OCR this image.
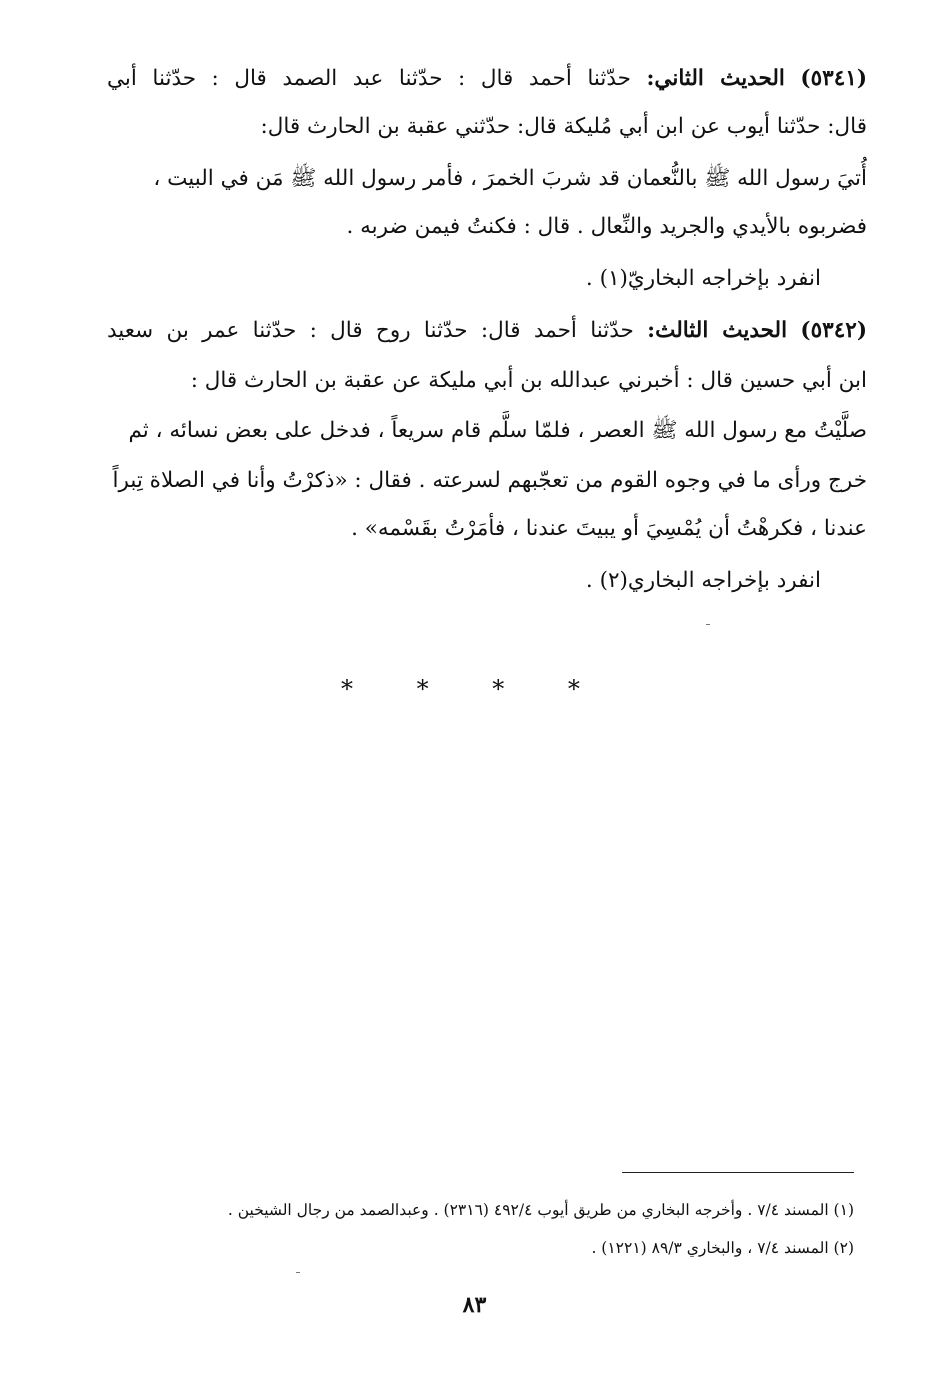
(٥٣٤١) الحديث الثاني: حدّثنا أحمد قال : حدّثنا عبد الصمد قال : حدّثنا أبي

قال: حدّثنا أيوب عن ابن أبي مُليكة قال: حدّثني عقبة بن الحارث قال:

أُتيَ رسول الله ﷺ بالنُّعمان قد شربَ الخمرَ ، فأمر رسول الله ﷺ مَن في البيت ،

فضربوه بالأيدي والجريد والنِّعال . قال : فكنتُ فيمن ضربه .

انفرد بإخراجه البخاريّ(١) .

(٥٣٤٢) الحديث الثالث: حدّثنا أحمد قال: حدّثنا روح قال : حدّثنا عمر بن سعيد

ابن أبي حسين قال : أخبرني عبدالله بن أبي مليكة عن عقبة بن الحارث قال :

صلَّيْتُ مع رسول الله ﷺ العصر ، فلمّا سلَّم قام سريعاً ، فدخل على بعض نسائه ، ثم

خرج ورأى ما في وجوه القوم من تعجّبهم لسرعته . فقال : «ذكرْتُ وأنا في الصلاة تِبراً

عندنا ، فكرهْتُ أن يُمْسِيَ أو يبيتَ عندنا ، فأمَرْتُ بقَسْمه» .

انفرد بإخراجه البخاري(٢) .

* * * *

(١) المسند ٧/٤ . وأخرجه البخاري من طريق أيوب ٤٩٢/٤ (٢٣١٦) . وعبدالصمد من رجال الشيخين .

(٢) المسند ٧/٤ ، والبخاري ٨٩/٣ (١٢٢١) .

٨٣
